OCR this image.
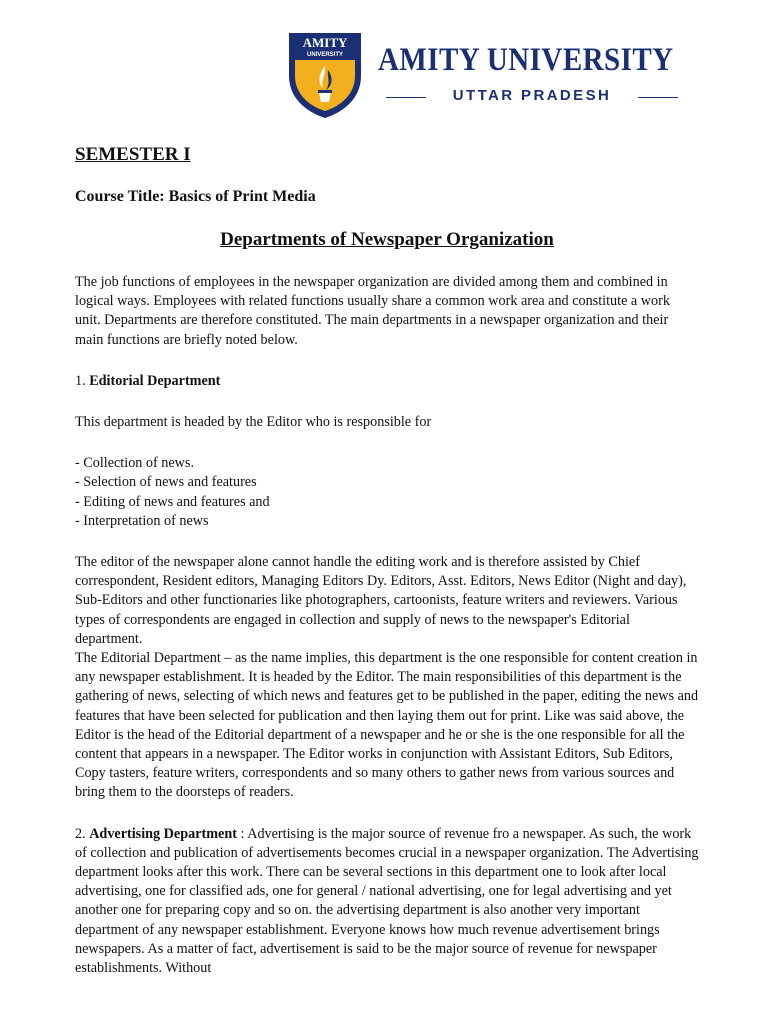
AMITY
UNIVERSITY AMITY UNIVERSITY
UTTAR PRADESH

SEMESTER I

Course Title: Basics of Print Media

Departments of Newspaper Organization

The job functions of employees in the newspaper organization are divided among them and combined in logical ways. Employees with related functions usually share a common work area and constitute a work unit. Departments are therefore constituted. The main departments in a newspaper organization and their main functions are briefly noted below.

1. Editorial Department

This department is headed by the Editor who is responsible for

- Collection of news.
- Selection of news and features
- Editing of news and features and
- Interpretation of news

The editor of the newspaper alone cannot handle the editing work and is therefore assisted by Chief correspondent, Resident editors, Managing Editors Dy. Editors, Asst. Editors, News Editor (Night and day), Sub-Editors and other functionaries like photographers, cartoonists, feature writers and reviewers. Various types of correspondents are engaged in collection and supply of news to the newspaper's Editorial department.

The Editorial Department – as the name implies, this department is the one responsible for content creation in any newspaper establishment. It is headed by the Editor. The main responsibilities of this department is the gathering of news, selecting of which news and features get to be published in the paper, editing the news and features that have been selected for publication and then laying them out for print. Like was said above, the Editor is the head of the Editorial department of a newspaper and he or she is the one responsible for all the content that appears in a newspaper. The Editor works in conjunction with Assistant Editors, Sub Editors, Copy tasters, feature writers, correspondents and so many others to gather news from various sources and bring them to the doorsteps of readers.

2. Advertising Department : Advertising is the major source of revenue fro a newspaper. As such, the work of collection and publication of advertisements becomes crucial in a newspaper organization. The Advertising department looks after this work. There can be several sections in this department one to look after local advertising, one for classified ads, one for general / national advertising, one for legal advertising and yet another one for preparing copy and so on. the advertising department is also another very important department of any newspaper establishment. Everyone knows how much revenue advertisement brings newspapers. As a matter of fact, advertisement is said to be the major source of revenue for newspaper establishments. Without
